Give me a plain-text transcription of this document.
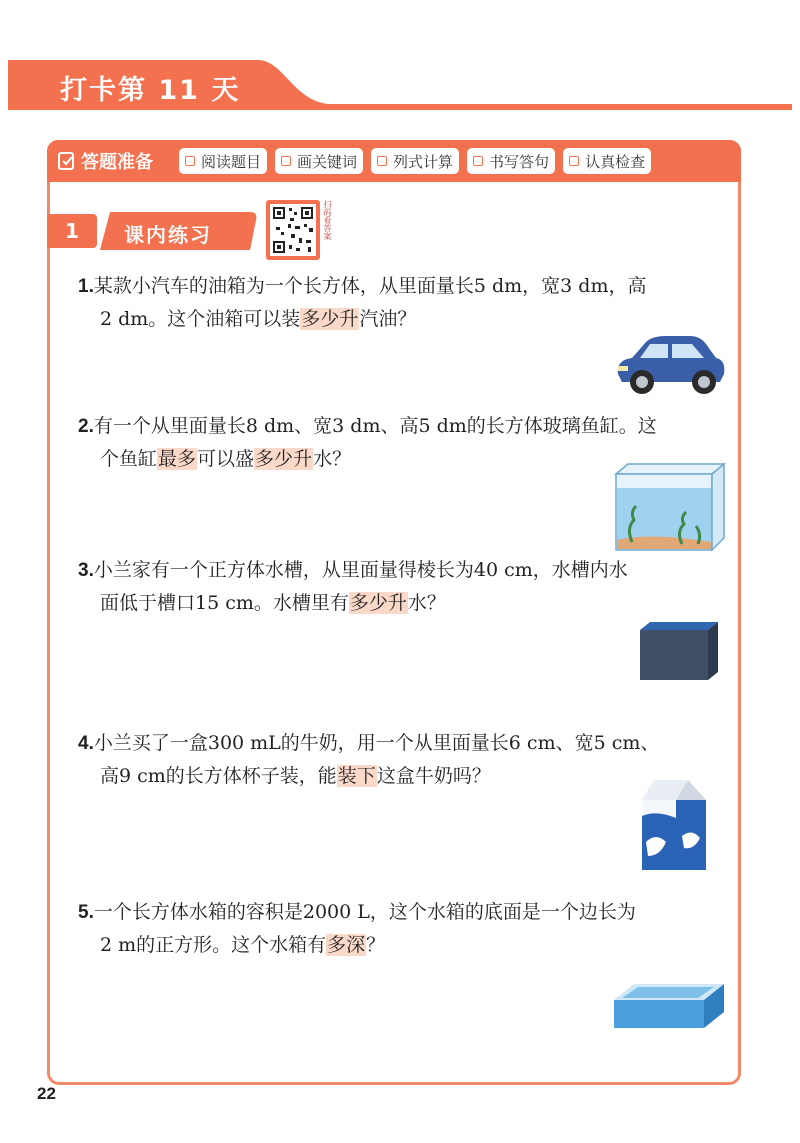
打卡第 11 天
答题准备	阅读题目 画关键词 列式计算 书写答句 认真检查
1	课内练习	扫码看答案
1.某款小汽车的油箱为一个长方体，从里面量长5 dm，宽3 dm，高
2 dm。这个油箱可以装多少升汽油？
2.有一个从里面量长8 dm、宽3 dm、高5 dm的长方体玻璃鱼缸。这
个鱼缸最多可以盛多少升水？
3.小兰家有一个正方体水槽，从里面量得棱长为40 cm，水槽内水
面低于槽口15 cm。水槽里有多少升水？
4.小兰买了一盒300 mL的牛奶，用一个从里面量长6 cm、宽5 cm、
高9 cm的长方体杯子装，能装下这盒牛奶吗？
5.一个长方体水箱的容积是2000 L，这个水箱的底面是一个边长为
2 m的正方形。这个水箱有多深？
22
